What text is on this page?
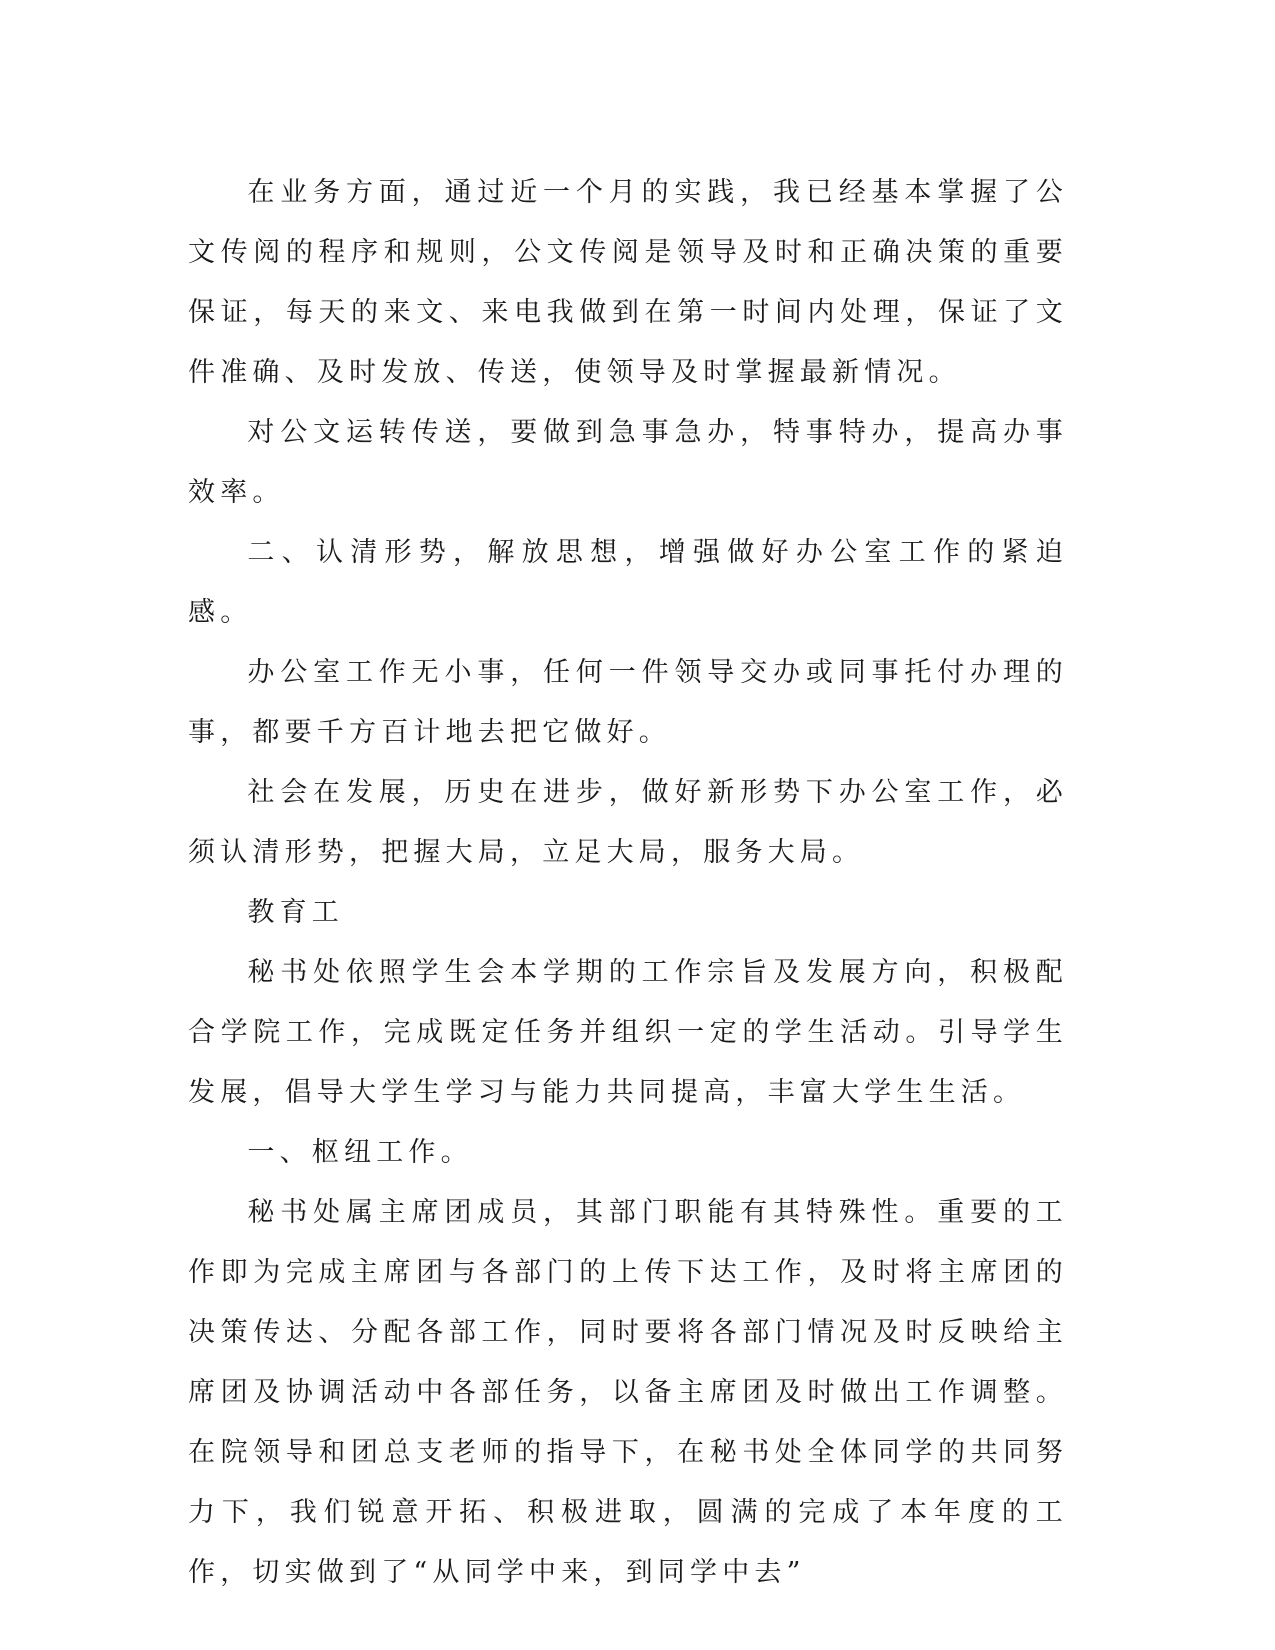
在业务方面，通过近一个月的实践，我已经基本掌握了公文传阅的程序和规则，公文传阅是领导及时和正确决策的重要保证，每天的来文、来电我做到在第一时间内处理，保证了文件准确、及时发放、传送，使领导及时掌握最新情况。

对公文运转传送，要做到急事急办，特事特办，提高办事效率。

二、认清形势，解放思想，增强做好办公室工作的紧迫感。

办公室工作无小事，任何一件领导交办或同事托付办理的事，都要千方百计地去把它做好。

社会在发展，历史在进步，做好新形势下办公室工作，必须认清形势，把握大局，立足大局，服务大局。

教育工

秘书处依照学生会本学期的工作宗旨及发展方向，积极配合学院工作，完成既定任务并组织一定的学生活动。引导学生发展，倡导大学生学习与能力共同提高，丰富大学生生活。

一、枢纽工作。

秘书处属主席团成员，其部门职能有其特殊性。重要的工作即为完成主席团与各部门的上传下达工作，及时将主席团的决策传达、分配各部工作，同时要将各部门情况及时反映给主席团及协调活动中各部任务，以备主席团及时做出工作调整。在院领导和团总支老师的指导下，在秘书处全体同学的共同努力下，我们锐意开拓、积极进取，圆满的完成了本年度的工作，切实做到了“从同学中来，到同学中去”
